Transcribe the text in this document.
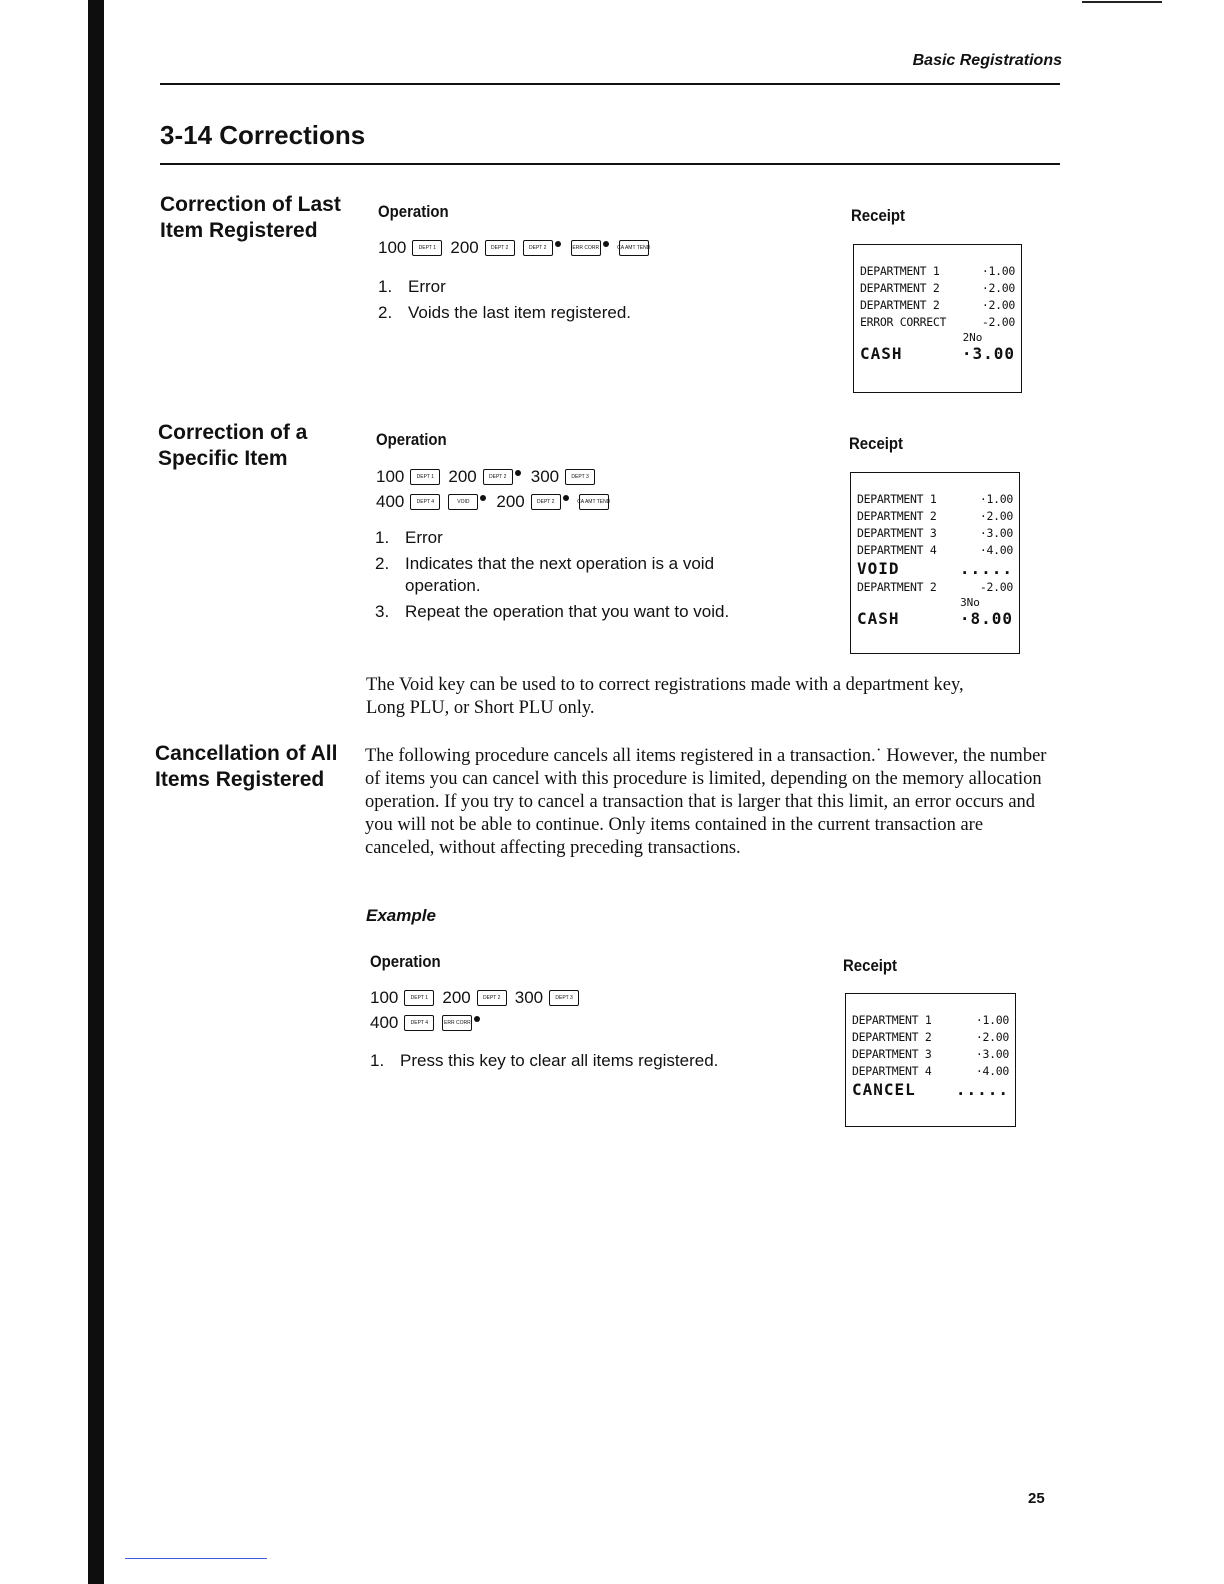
Basic Registrations
3-14 Corrections
Correction of Last
Item Registered
Operation
100	DEPT 1 200	DEPT 2	DEPT 2	ERR CORR	CA AMT TEND
1. Error
2. Voids the last item registered.
Receipt
DEPARTMENT 1	·1.00
DEPARTMENT 2	·2.00
DEPARTMENT 2	·2.00
ERROR CORRECT	-2.00
2No
CASH	·3.00
Correction of a
Specific Item
Operation
100	DEPT 1 200	DEPT 2	300	DEPT 3
400	DEPT 4	VOID	200	DEPT 2	CA AMT TEND
1. Error
2. Indicates that the next operation is a void operation.
3. Repeat the operation that you want to void.
Receipt
DEPARTMENT 1	·1.00
DEPARTMENT 2	·2.00
DEPARTMENT 3	·3.00
DEPARTMENT 4	·4.00
VOID	.....
DEPARTMENT 2	-2.00
3No
CASH	·8.00
The Void key can be used to to correct registrations made with a department key, Long PLU, or Short PLU only.
Cancellation of All
Items Registered
The following procedure cancels all items registered in a transaction.˙ However, the number of items you can cancel with this procedure is limited, depending on the memory allocation operation. If you try to cancel a transaction that is larger that this limit, an error occurs and you will not be able to continue. Only items contained in the current transaction are canceled, without affecting preceding transactions.
Example
Operation
100	DEPT 1 200	DEPT 2 300	DEPT 3
400	DEPT 4	ERR CORR
1. Press this key to clear all items registered.
Receipt
DEPARTMENT 1	·1.00
DEPARTMENT 2	·2.00
DEPARTMENT 3	·3.00
DEPARTMENT 4	·4.00
CANCEL	.....
25
